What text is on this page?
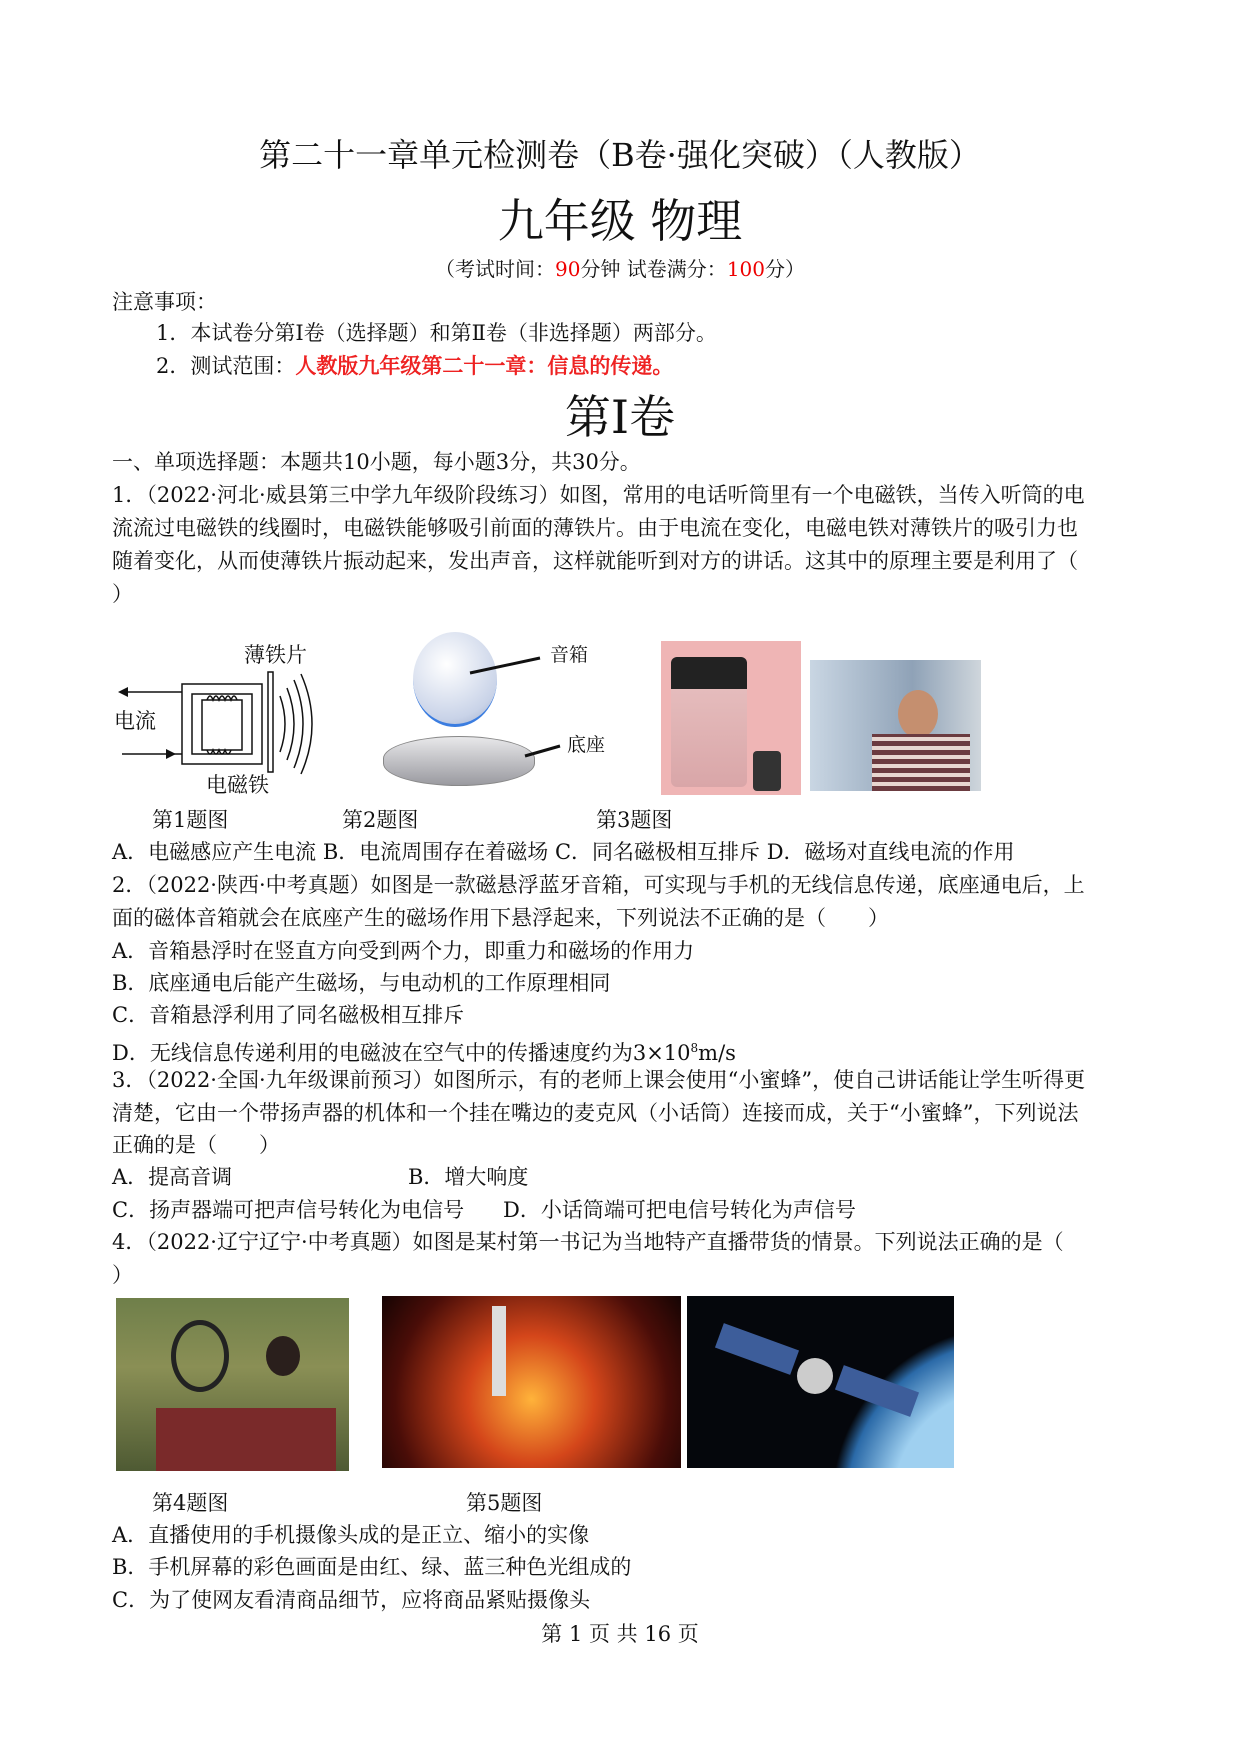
第二十一章单元检测卷（B卷·强化突破）（人教版）
九年级 物理
（考试时间：90分钟 试卷满分：100分）
注意事项：
1．本试卷分第Ⅰ卷（选择题）和第Ⅱ卷（非选择题）两部分。
2．测试范围：人教版九年级第二十一章：信息的传递。
第Ⅰ卷
一、单项选择题：本题共10小题，每小题3分，共30分。
1．（2022·河北·威县第三中学九年级阶段练习）如图，常用的电话听筒里有一个电磁铁，当传入听筒的电
流流过电磁铁的线圈时，电磁铁能够吸引前面的薄铁片。由于电流在变化，电磁电铁对薄铁片的吸引力也
随着变化，从而使薄铁片振动起来，发出声音，这样就能听到对方的讲话。这其中的原理主要是利用了（
）
薄铁片
电流
电磁铁
音箱
底座
第1题图	第2题图	第3题图
A．电磁感应产生电流 B．电流周围存在着磁场 C．同名磁极相互排斥 D．磁场对直线电流的作用
2．（2022·陕西·中考真题）如图是一款磁悬浮蓝牙音箱，可实现与手机的无线信息传递，底座通电后，上
面的磁体音箱就会在底座产生的磁场作用下悬浮起来，下列说法不正确的是（　　）
A．音箱悬浮时在竖直方向受到两个力，即重力和磁场的作用力
B．底座通电后能产生磁场，与电动机的工作原理相同
C．音箱悬浮利用了同名磁极相互排斥
D．无线信息传递利用的电磁波在空气中的传播速度约为$3\times 10^8m/s$
3．（2022·全国·九年级课前预习）如图所示，有的老师上课会使用“小蜜蜂”，使自己讲话能让学生听得更
清楚，它由一个带扬声器的机体和一个挂在嘴边的麦克风（小话筒）连接而成，关于“小蜜蜂”，下列说法
正确的是（　　）
A．提高音调	B．增大响度
C．扬声器端可把声信号转化为电信号 D．小话筒端可把电信号转化为声信号
4．（2022·辽宁辽宁·中考真题）如图是某村第一书记为当地特产直播带货的情景。下列说法正确的是（
）
第4题图	第5题图
A．直播使用的手机摄像头成的是正立、缩小的实像
B．手机屏幕的彩色画面是由红、绿、蓝三种色光组成的
C．为了使网友看清商品细节，应将商品紧贴摄像头
第 1 页 共 16 页
